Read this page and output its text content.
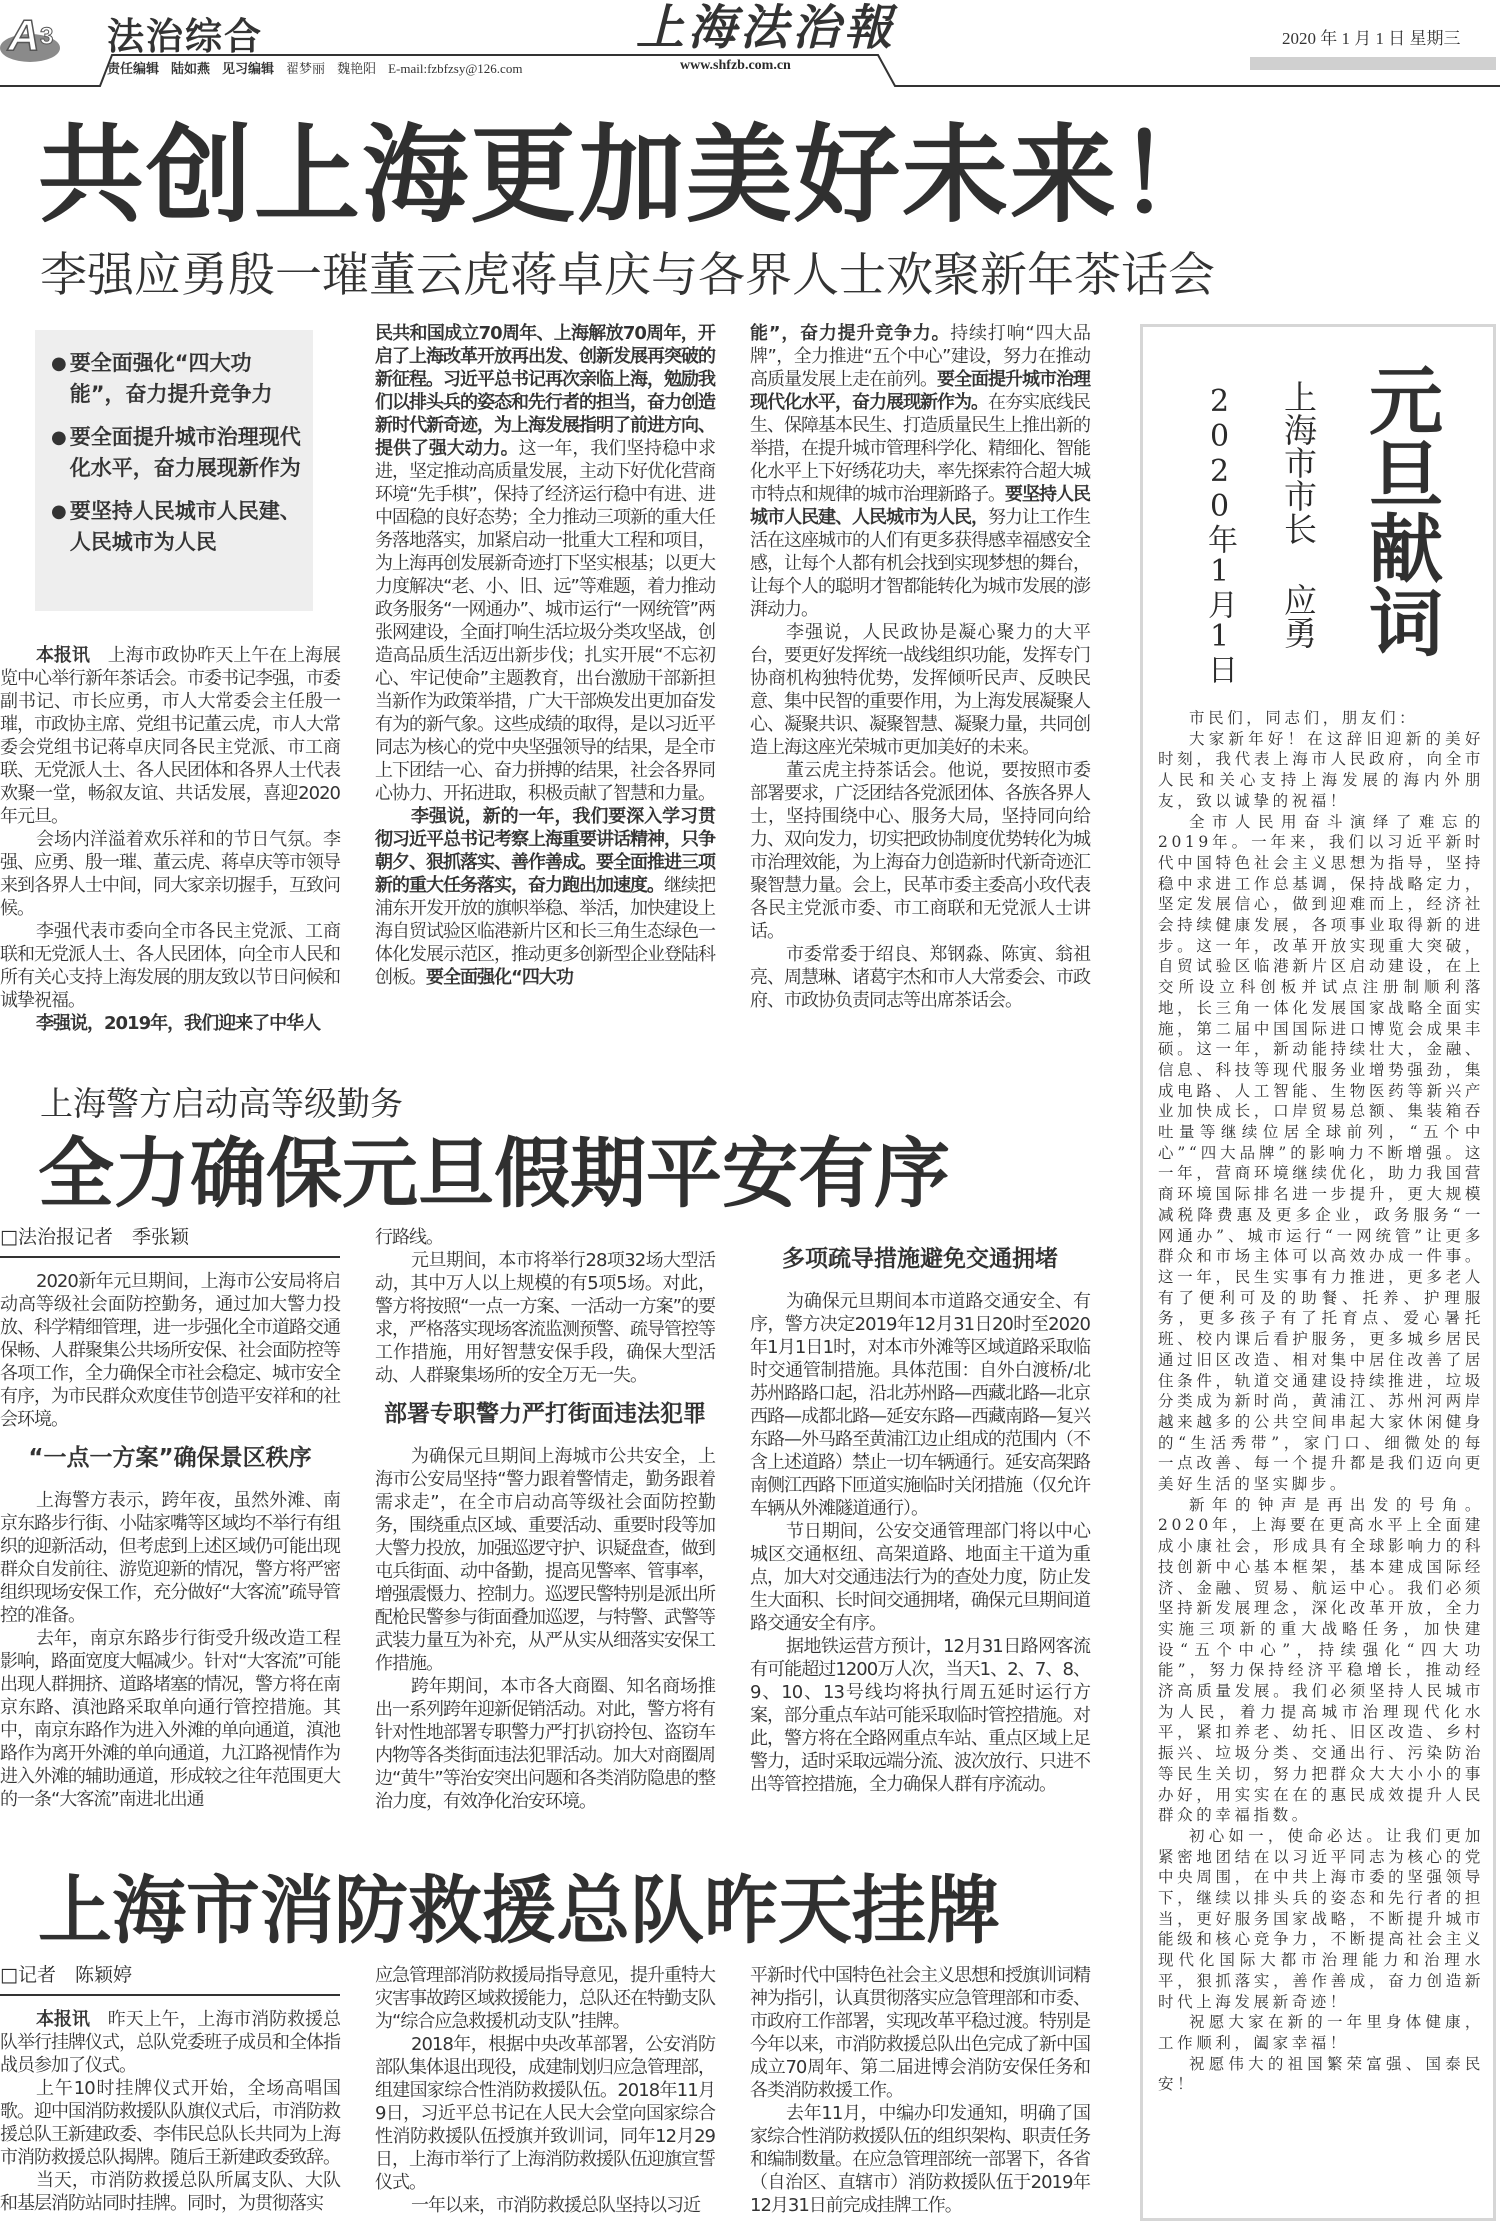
A 3 法治综合	上海法治報	2020 年 1 月 1 日 星期三
责任编辑 陆如燕 见习编辑 翟梦丽 魏艳阳 E-mail:fzbfzsy@126.com	www.shfzb.com.cn
共创上海更加美好未来！
李强应勇殷一璀董云虎蒋卓庆与各界人士欢聚新年茶话会
● 要全面强化“四大功能”，奋力提升竞争力
● 要全面提升城市治理现代化水平，奋力展现新作为
● 要坚持人民城市人民建、人民城市为人民

本报讯　上海市政协昨天上午在上海展览中心举行新年茶话会。市委书记李强，市委副书记、市长应勇，市人大常委会主任殷一璀，市政协主席、党组书记董云虎，市人大常委会党组书记蒋卓庆同各民主党派、市工商联、无党派人士、各人民团体和各界人士代表欢聚一堂，畅叙友谊、共话发展，喜迎2020年元旦。

会场内洋溢着欢乐祥和的节日气氛。李强、应勇、殷一璀、董云虎、蒋卓庆等市领导来到各界人士中间，同大家亲切握手，互致问候。

李强代表市委向全市各民主党派、工商联和无党派人士、各人民团体，向全市人民和所有关心支持上海发展的朋友致以节日问候和诚挚祝福。

李强说，2019年，我们迎来了中华人

民共和国成立70周年、上海解放70周年，开启了上海改革开放再出发、创新发展再突破的新征程。习近平总书记再次亲临上海，勉励我们以排头兵的姿态和先行者的担当，奋力创造新时代新奇迹，为上海发展指明了前进方向、提供了强大动力。这一年，我们坚持稳中求进，坚定推动高质量发展，主动下好优化营商环境“先手棋”，保持了经济运行稳中有进、进中固稳的良好态势；全力推动三项新的重大任务落地落实，加紧启动一批重大工程和项目，为上海再创发展新奇迹打下坚实根基；以更大力度解决“老、小、旧、远”等难题，着力推动政务服务“一网通办”、城市运行“一网统管”两张网建设，全面打响生活垃圾分类攻坚战，创造高品质生活迈出新步伐；扎实开展“不忘初心、牢记使命”主题教育，出台激励干部新担当新作为政策举措，广大干部焕发出更加奋发有为的新气象。这些成绩的取得，是以习近平同志为核心的党中央坚强领导的结果，是全市上下团结一心、奋力拼搏的结果，社会各界同心协力、开拓进取，积极贡献了智慧和力量。

李强说，新的一年，我们要深入学习贯彻习近平总书记考察上海重要讲话精神，只争朝夕、狠抓落实、善作善成。要全面推进三项新的重大任务落实，奋力跑出加速度。继续把浦东开发开放的旗帜举稳、举活，加快建设上海自贸试验区临港新片区和长三角生态绿色一体化发展示范区，推动更多创新型企业登陆科创板。要全面强化“四大功

能”，奋力提升竞争力。持续打响“四大品牌”，全力推进“五个中心”建设，努力在推动高质量发展上走在前列。要全面提升城市治理现代化水平，奋力展现新作为。在夯实底线民生、保障基本民生、打造质量民生上推出新的举措，在提升城市管理科学化、精细化、智能化水平上下好绣花功夫，率先探索符合超大城市特点和规律的城市治理新路子。要坚持人民城市人民建、人民城市为人民，努力让工作生活在这座城市的人们有更多获得感幸福感安全感，让每个人都有机会找到实现梦想的舞台，让每个人的聪明才智都能转化为城市发展的澎湃动力。

李强说，人民政协是凝心聚力的大平台，要更好发挥统一战线组织功能，发挥专门协商机构独特优势，发挥倾听民声、反映民意、集中民智的重要作用，为上海发展凝聚人心、凝聚共识、凝聚智慧、凝聚力量，共同创造上海这座光荣城市更加美好的未来。

董云虎主持茶话会。他说，要按照市委部署要求，广泛团结各党派团体、各族各界人士，坚持围绕中心、服务大局，坚持同向给力、双向发力，切实把政协制度优势转化为城市治理效能，为上海奋力创造新时代新奇迹汇聚智慧力量。会上，民革市委主委高小玫代表各民主党派市委、市工商联和无党派人士讲话。

市委常委于绍良、郑钢淼、陈寅、翁祖亮、周慧琳、诸葛宇杰和市人大常委会、市政府、市政协负责同志等出席茶话会。

元旦献词
上海市市长
应勇
2020年1月1日

市民们，同志们，朋友们：

大家新年好！在这辞旧迎新的美好时刻，我代表上海市人民政府，向全市人民和关心支持上海发展的海内外朋友，致以诚挚的祝福！

全市人民用奋斗演绎了难忘的2019年。一年来，我们以习近平新时代中国特色社会主义思想为指导，坚持稳中求进工作总基调，保持战略定力，坚定发展信心，做到迎难而上，经济社会持续健康发展，各项事业取得新的进步。这一年，改革开放实现重大突破，自贸试验区临港新片区启动建设，在上交所设立科创板并试点注册制顺利落地，长三角一体化发展国家战略全面实施，第二届中国国际进口博览会成果丰硕。这一年，新动能持续壮大，金融、信息、科技等现代服务业增势强劲，集成电路、人工智能、生物医药等新兴产业加快成长，口岸贸易总额、集装箱吞吐量等继续位居全球前列，“五个中心”“四大品牌”的影响力不断增强。这一年，营商环境继续优化，助力我国营商环境国际排名进一步提升，更大规模减税降费惠及更多企业，政务服务“一网通办”、城市运行“一网统管”让更多群众和市场主体可以高效办成一件事。这一年，民生实事有力推进，更多老人有了便利可及的助餐、托养、护理服务，更多孩子有了托育点、爱心暑托班、校内课后看护服务，更多城乡居民通过旧区改造、相对集中居住改善了居住条件，轨道交通建设持续推进，垃圾分类成为新时尚，黄浦江、苏州河两岸越来越多的公共空间串起大家休闲健身的“生活秀带”，家门口、细微处的每一点改善、每一个提升都是我们迈向更美好生活的坚实脚步。

新年的钟声是再出发的号角。2020年，上海要在更高水平上全面建成小康社会，形成具有全球影响力的科技创新中心基本框架，基本建成国际经济、金融、贸易、航运中心。我们必须坚持新发展理念，深化改革开放，全力实施三项新的重大战略任务，加快建设“五个中心”，持续强化“四大功能”，努力保持经济平稳增长，推动经济高质量发展。我们必须坚持人民城市为人民，着力提高城市治理现代化水平，紧扣养老、幼托、旧区改造、乡村振兴、垃圾分类、交通出行、污染防治等民生关切，努力把群众大大小小的事办好，用实实在在的惠民成效提升人民群众的幸福指数。

初心如一，使命必达。让我们更加紧密地团结在以习近平同志为核心的党中央周围，在中共上海市委的坚强领导下，继续以排头兵的姿态和先行者的担当，更好服务国家战略，不断提升城市能级和核心竞争力，不断提高社会主义现代化国际大都市治理能力和治理水平，狠抓落实，善作善成，奋力创造新时代上海发展新奇迹！

祝愿大家在新的一年里身体健康，工作顺利，阖家幸福！

祝愿伟大的祖国繁荣富强、国泰民安！

上海警方启动高等级勤务
全力确保元旦假期平安有序
□法治报记者　季张颖

2020新年元旦期间，上海市公安局将启动高等级社会面防控勤务，通过加大警力投放、科学精细管理，进一步强化全市道路交通保畅、人群聚集公共场所安保、社会面防控等各项工作，全力确保全市社会稳定、城市安全有序，为市民群众欢度佳节创造平安祥和的社会环境。

“一点一方案”确保景区秩序

上海警方表示，跨年夜，虽然外滩、南京东路步行街、小陆家嘴等区域均不举行有组织的迎新活动，但考虑到上述区域仍可能出现群众自发前往、游览迎新的情况，警方将严密组织现场安保工作，充分做好“大客流”疏导管控的准备。

去年，南京东路步行街受升级改造工程影响，路面宽度大幅减少。针对“大客流”可能出现人群拥挤、道路堵塞的情况，警方将在南京东路、滇池路采取单向通行管控措施。其中，南京东路作为进入外滩的单向通道，滇池路作为离开外滩的单向通道，九江路视情作为进入外滩的辅助通道，形成较之往年范围更大的一条“大客流”南进北出通

行路线。

元旦期间，本市将举行28项32场大型活动，其中万人以上规模的有5项5场。对此，警方将按照“一点一方案、一活动一方案”的要求，严格落实现场客流监测预警、疏导管控等工作措施，用好智慧安保手段，确保大型活动、人群聚集场所的安全万无一失。

部署专职警力严打街面违法犯罪

为确保元旦期间上海城市公共安全，上海市公安局坚持“警力跟着警情走，勤务跟着需求走”，在全市启动高等级社会面防控勤务，围绕重点区域、重要活动、重要时段等加大警力投放，加强巡逻守护、识疑盘查，做到屯兵街面、动中备勤，提高见警率、管事率，增强震慑力、控制力。巡逻民警特别是派出所配枪民警参与街面叠加巡逻，与特警、武警等武装力量互为补充，从严从实从细落实安保工作措施。

跨年期间，本市各大商圈、知名商场推出一系列跨年迎新促销活动。对此，警方将有针对性地部署专职警力严打扒窃拎包、盗窃车内物等各类街面违法犯罪活动。加大对商圈周边“黄牛”等治安突出问题和各类消防隐患的整治力度，有效净化治安环境。

多项疏导措施避免交通拥堵

为确保元旦期间本市道路交通安全、有序，警方决定2019年12月31日20时至2020年1月1日1时，对本市外滩等区域道路采取临时交通管制措施。具体范围：自外白渡桥/北苏州路路口起，沿北苏州路—西藏北路—北京西路—成都北路—延安东路—西藏南路—复兴东路—外马路至黄浦江边止组成的范围内（不含上述道路）禁止一切车辆通行。延安高架路南侧江西路下匝道实施临时关闭措施（仅允许车辆从外滩隧道通行）。

节日期间，公安交通管理部门将以中心城区交通枢纽、高架道路、地面主干道为重点，加大对交通违法行为的查处力度，防止发生大面积、长时间交通拥堵，确保元旦期间道路交通安全有序。

据地铁运营方预计，12月31日路网客流有可能超过1200万人次，当天1、2、7、8、9、10、13号线均将执行周五延时运行方案，部分重点车站可能采取临时管控措施。对此，警方将在全路网重点车站、重点区域上足警力，适时采取远端分流、波次放行、只进不出等管控措施，全力确保人群有序流动。

上海市消防救援总队昨天挂牌
□记者　陈颖婷

本报讯　昨天上午，上海市消防救援总队举行挂牌仪式，总队党委班子成员和全体指战员参加了仪式。

上午10时挂牌仪式开始，全场高唱国歌。迎中国消防救援队队旗仪式后，市消防救援总队王新建政委、李伟民总队长共同为上海市消防救援总队揭牌。随后王新建政委致辞。

当天，市消防救援总队所属支队、大队和基层消防站同时挂牌。同时，为贯彻落实

应急管理部消防救援局指导意见，提升重特大灾害事故跨区域救援能力，总队还在特勤支队为“综合应急救援机动支队”挂牌。

2018年，根据中央改革部署，公安消防部队集体退出现役，成建制划归应急管理部，组建国家综合性消防救援队伍。2018年11月9日，习近平总书记在人民大会堂向国家综合性消防救援队伍授旗并致训词，同年12月29日，上海市举行了上海消防救援队伍迎旗宣誓仪式。

一年以来，市消防救援总队坚持以习近

平新时代中国特色社会主义思想和授旗训词精神为指引，认真贯彻落实应急管理部和市委、市政府工作部署，实现改革平稳过渡。特别是今年以来，市消防救援总队出色完成了新中国成立70周年、第二届进博会消防安保任务和各类消防救援工作。

去年11月，中编办印发通知，明确了国家综合性消防救援队伍的组织架构、职责任务和编制数量。在应急管理部统一部署下，各省（自治区、直辖市）消防救援队伍于2019年12月31日前完成挂牌工作。
